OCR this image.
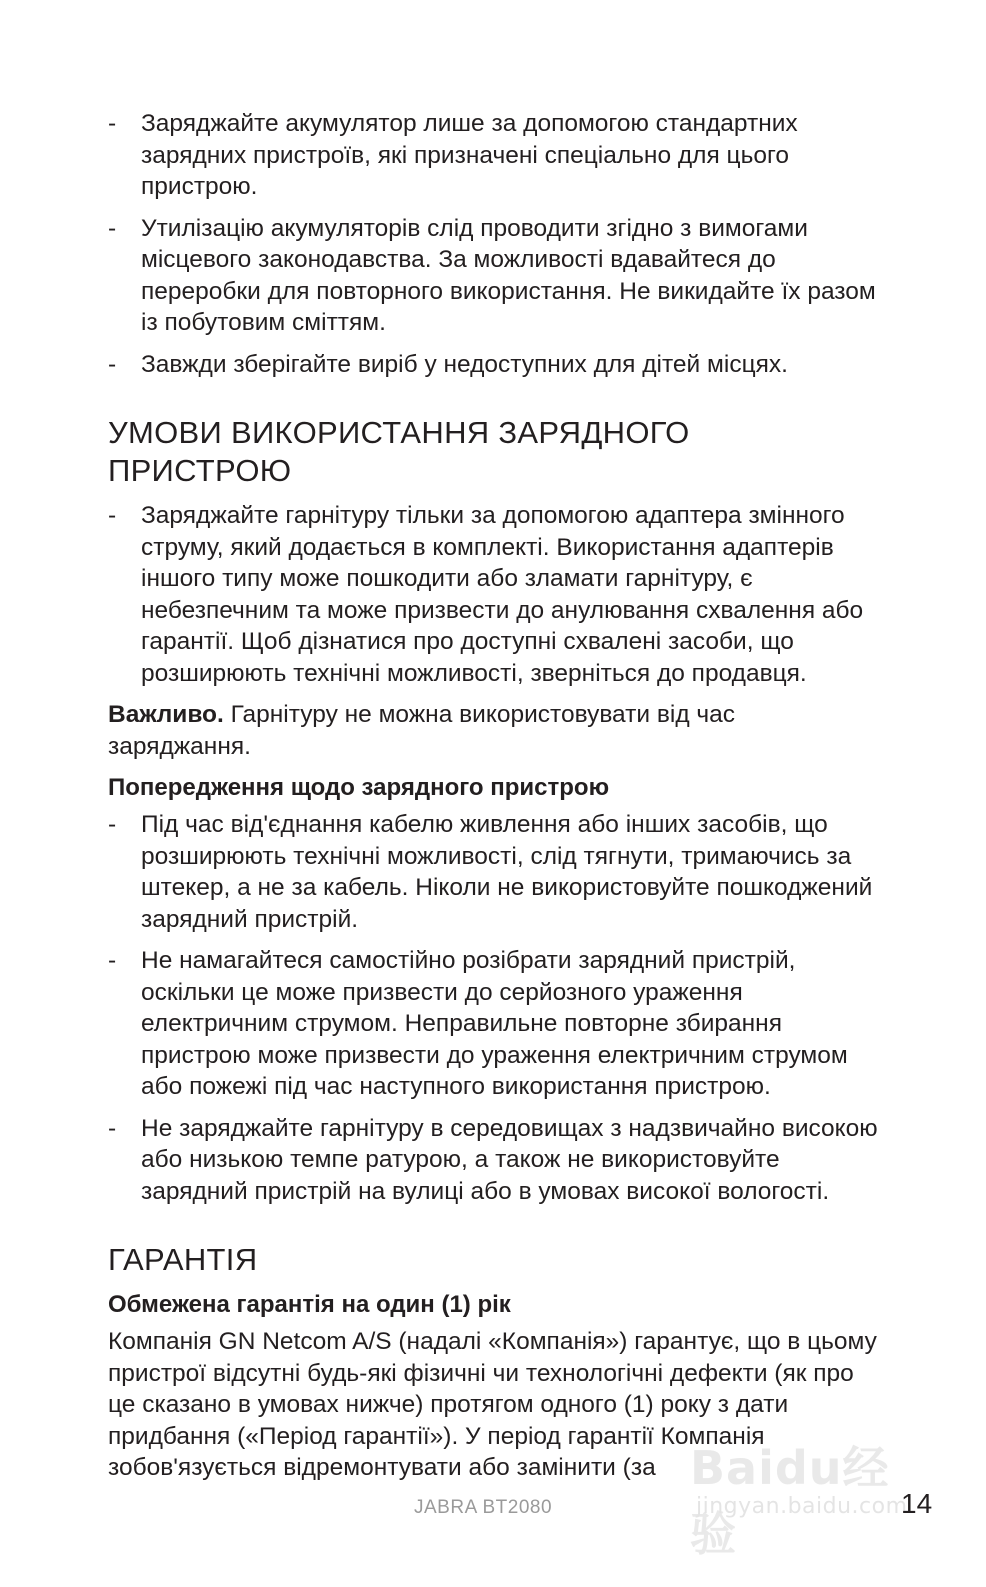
- Заряджайте акумулятор лише за допомогою стандартних зарядних пристроїв, які призначені спеціально для цього пристрою.
- Утилізацію акумуляторів слід проводити згідно з вимогами місцевого законодавства. За можливості вдавайтеся до переробки для повторного використання. Не викидайте їх разом із побутовим сміттям.
- Завжди зберігайте виріб у недоступних для дітей місцях.
УМОВИ ВИКОРИСТАННЯ ЗАРЯДНОГО ПРИСТРОЮ
- Заряджайте гарнітуру тільки за допомогою адаптера змінного струму, який додається в комплекті. Використання адаптерів іншого типу може пошкодити або зламати гарнітуру, є небезпечним та може призвести до анулювання схвалення або гарантії. Щоб дізнатися про доступні схвалені засоби, що розширюють технічні можливості, зверніться до продавця.

Важливо. Гарнітуру не можна використовувати від час заряджання.

Попередження щодо зарядного пристрою
- Під час від'єднання кабелю живлення або інших засобів, що розширюють технічні можливості, слід тягнути, тримаючись за штекер, а не за кабель. Ніколи не використовуйте пошкоджений зарядний пристрій.
- Не намагайтеся самостійно розібрати зарядний пристрій, оскільки це може призвести до серйозного ураження електричним струмом. Неправильне повторне збирання пристрою може призвести до ураження електричним струмом або пожежі під час наступного використання пристрою.
- Не заряджайте гарнітуру в середовищах з надзвичайно високою або низькою темпе ратурою, а також не використовуйте зарядний пристрій на вулиці або в умовах високої вологості.
ГАРАНТІЯ
Обмежена гарантія на один (1) рік

Компанія GN Netcom A/S (надалі «Компанія») гарантує, що в цьому пристрої відсутні будь-які фізичні чи технологічні дефекти (як про це сказано в умовах нижче) протягом одного (1) року з дати придбання («Період гарантії»). У період гарантії Компанія зобов'язується відремонтувати або замінити (за Baidu经验
jingyan.baidu.com
JABRA BT2080	14
